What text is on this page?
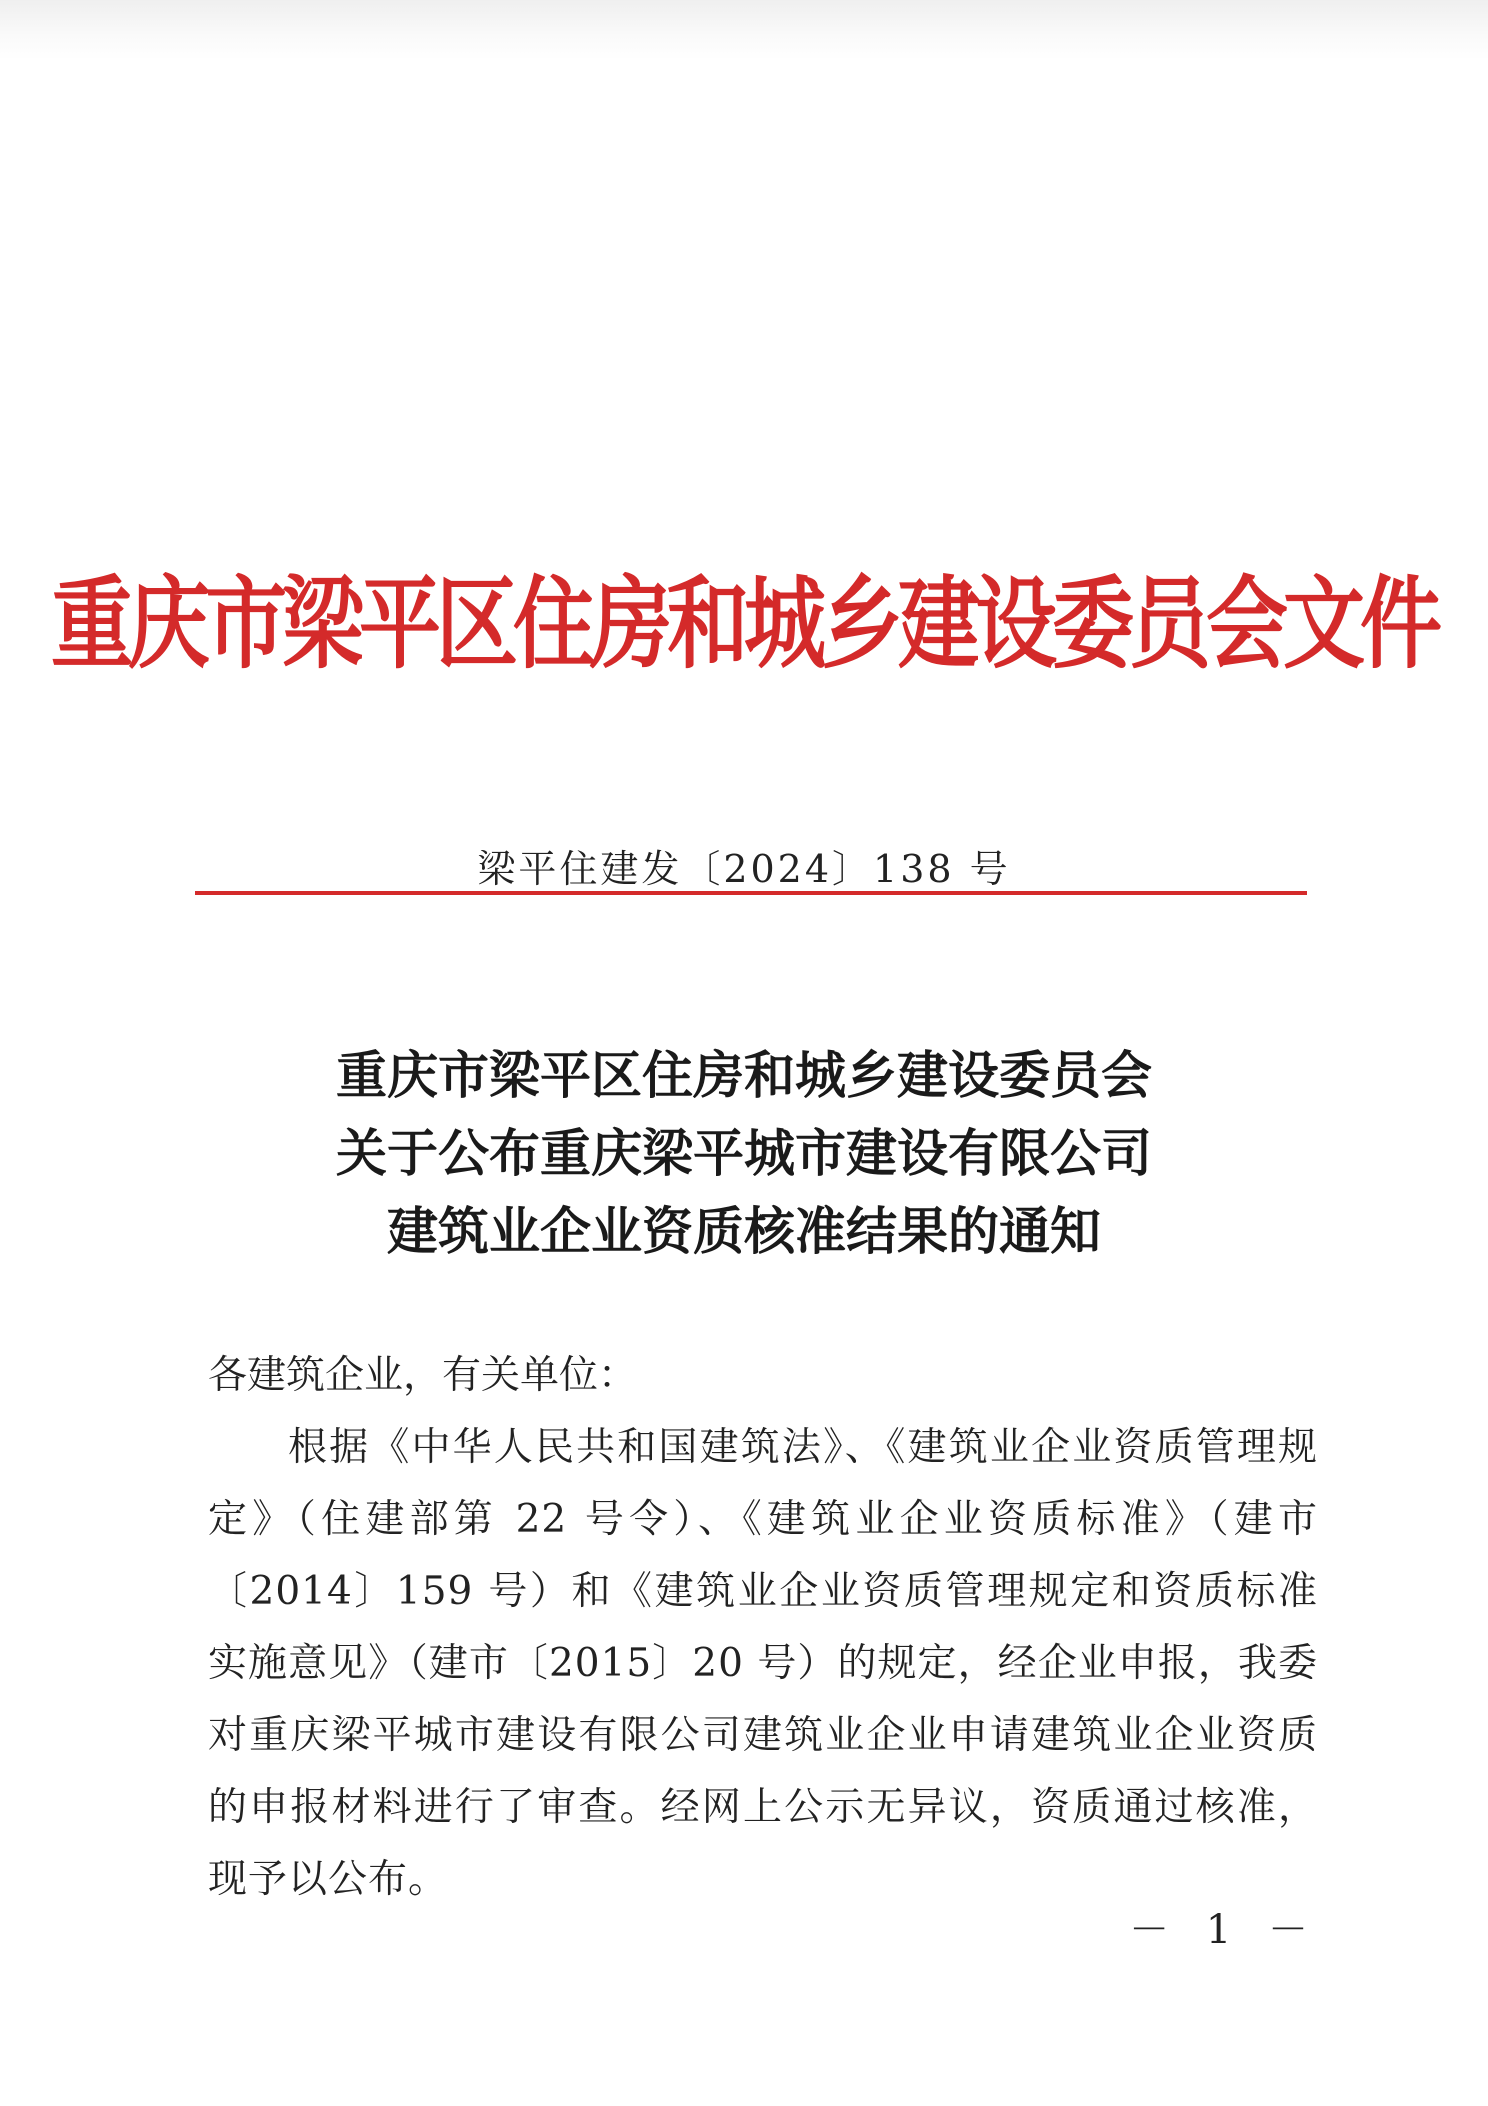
重庆市梁平区住房和城乡建设委员会文件
梁平住建发〔2024〕138 号
重庆市梁平区住房和城乡建设委员会
关于公布重庆梁平城市建设有限公司
建筑业企业资质核准结果的通知
各建筑企业，有关单位：
根据《中华人民共和国建筑法》、《建筑业企业资质管理规定》（住建部第 22 号令）、《建筑业企业资质标准》（建市〔2014〕159 号）和《建筑业企业资质管理规定和资质标准实施意见》（建市〔2015〕20 号）的规定，经企业申报，我委对重庆梁平城市建设有限公司建筑业企业申请建筑业企业资质的申报材料进行了审查。经网上公示无异议，资质通过核准，现予以公布。
－ 1 －
